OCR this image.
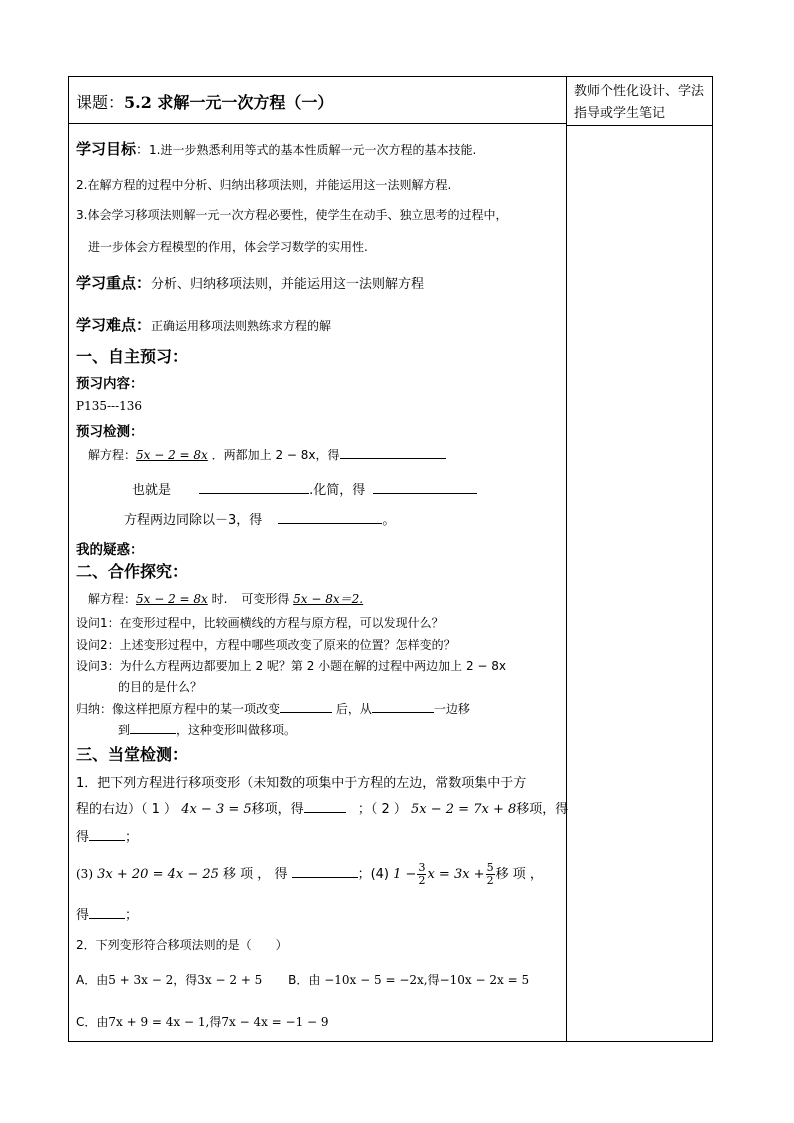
课题：5.2 求解一元一次方程（一）
教师个性化设计、学法指导或学生笔记
学习目标：1.进一步熟悉利用等式的基本性质解一元一次方程的基本技能.
2.在解方程的过程中分析、归纳出移项法则，并能运用这一法则解方程.
3.体会学习移项法则解一元一次方程必要性，使学生在动手、独立思考的过程中，
进一步体会方程模型的作用，体会学习数学的实用性.
学习重点：分析、归纳移项法则，并能运用这一法则解方程
学习难点：正确运用移项法则熟练求方程的解
一、自主预习：
预习内容：
P135---136
预习检测：
解方程：5x − 2 = 8x ．两都加上 2 − 8x，得
也就是	.化简，得
方程两边同除以－3，得	。
我的疑惑：
二、合作探究：
解方程：5x − 2 = 8x 时. 可变形得 5x − 8x＝2.
设问1：在变形过程中，比较画横线的方程与原方程，可以发现什么？
设问2：上述变形过程中，方程中哪些项改变了原来的位置？怎样变的？
设问3：为什么方程两边都要加上 2 呢？第 2 小题在解的过程中两边加上 2 − 8x
的目的是什么？
归纳：像这样把原方程中的某一项改变	后，从	一边移
到	，这种变形叫做移项。
三、当堂检测：
1．把下列方程进行移项变形（未知数的项集中于方程的左边，常数项集中于方
程的右边）（ 1 ） 4x − 3 = 5移项，得	；（ 2 ） 5x − 2 = 7x + 8移项，得
得	；
(3) 3x + 20 = 4x − 25 移 项 ， 得	；(4) $1 - \frac{3}{2}$ $x = 3x + \frac{5}{2}$ 移 项 ，
得	；
2．下列变形符合移项法则的是（　　）
A．由5 + 3x − 2，得3x − 2 + 5 B．由 −10x − 5 = −2x,得−10x − 2x = 5
C．由7x + 9 = 4x − 1,得7x − 4x = −1 − 9
